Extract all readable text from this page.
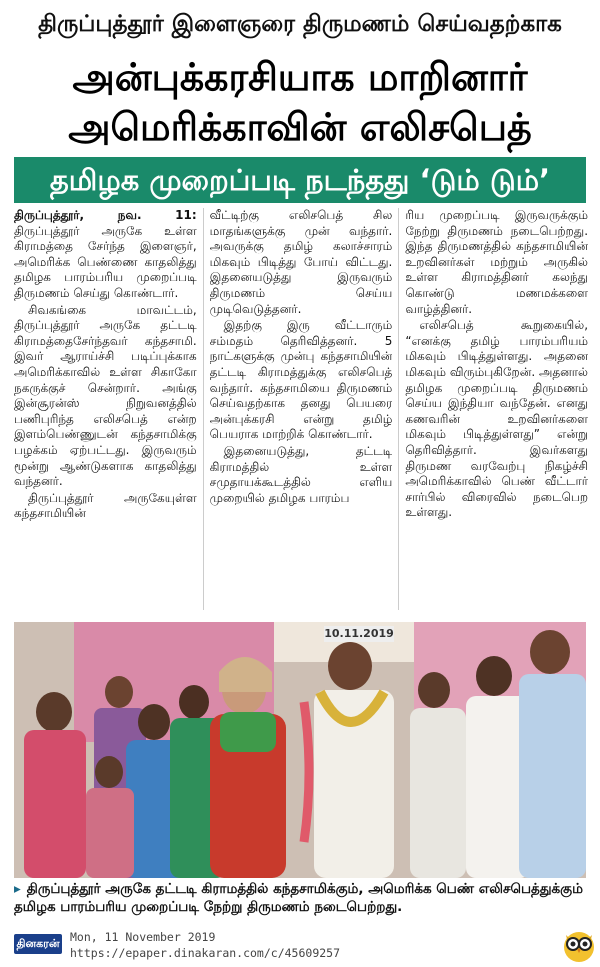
திருப்புத்தூர் இளைஞரை திருமணம் செய்வதற்காக
அன்புக்கரசியாக மாறினார்
அமெரிக்காவின் எலிசபெத்
தமிழக முறைப்படி நடந்தது ‘டும் டும்’

திருப்புத்தூர், நவ. 11: திருப்புத்தூர் அருகே உள்ள கிராமத்தை சேர்ந்த இளைஞர், அமெரிக்க பெண்ணை காதலித்து தமிழக பாரம்பரிய முறைப்படி திருமணம் செய்து கொண்டார்.

சிவகங்கை மாவட்டம், திருப்புத்தூர் அருகே தட்டடி கிராமத்தைசேர்ந்தவர் கந்தசாமி. இவர் ஆராய்ச்சி படிப்புக்காக அமெரிக்காவில் உள்ள சிகாகோ நகருக்குச் சென்றார். அங்கு இன்சூரன்ஸ் நிறுவனத்தில் பணிபுரிந்த எலிசபெத் என்ற இளம்பெண்ணுடன் கந்தசாமிக்கு பழக்கம் ஏற்பட்டது. இருவரும் மூன்று ஆண்டுகளாக காதலித்து வந்தனர்.

திருப்புத்தூர் அருகேயுள்ள கந்தசாமியின்

வீட்டிற்கு எலிசபெத் சில மாதங்களுக்கு முன் வந்தார். அவருக்கு தமிழ் கலாச்சாரம் மிகவும் பிடித்து போய் விட்டது. இதனையடுத்து இருவரும் திருமணம் செய்ய முடிவெடுத்தனர்.

இதற்கு இரு வீட்டாரும் சம்மதம் தெரிவித்தனர். 5 நாட்களுக்கு முன்பு கந்தசாமியின் தட்டடி கிராமத்துக்கு எலிசபெத் வந்தார். கந்தசாமியை திருமணம் செய்வதற்காக தனது பெயரை அன்புக்கரசி என்று தமிழ் பெயராக மாற்றிக் கொண்டார்.

இதனையடுத்து, தட்டடி கிராமத்தில் உள்ள சமுதாயக்கூடத்தில் எளிய முறையில் தமிழக பாரம்ப

ரிய முறைப்படி இருவருக்கும் நேற்று திருமணம் நடைபெற்றது. இந்த திருமணத்தில் கந்தசாமியின் உறவினர்கள் மற்றும் அருகில் உள்ள கிராமத்தினர் கலந்து கொண்டு மணமக்களை வாழ்த்தினர்.

எலிசபெத் கூறுகையில், “எனக்கு தமிழ் பாரம்பரியம் மிகவும் பிடித்துள்ளது. அதனை மிகவும் விரும்புகிறேன். அதனால் தமிழக முறைப்படி திருமணம் செய்ய இந்தியா வந்தேன். எனது கணவரின் உறவினர்களை மிகவும் பிடித்துள்ளது” என்று தெரிவித்தார். இவர்களது திருமண வரவேற்பு நிகழ்ச்சி அமெரிக்காவில் பெண் வீட்டார் சார்பில் விரைவில் நடைபெற உள்ளது.

10.11.2019
▸ திருப்புத்தூர் அருகே தட்டடி கிராமத்தில் கந்தசாமிக்கும், அமெரிக்க பெண் எலிசபெத்துக்கும் தமிழக பாரம்பரிய முறைப்படி நேற்று திருமணம் நடைபெற்றது.
தினகரன் Mon, 11 November 2019
https://epaper.dinakaran.com/c/45609257
